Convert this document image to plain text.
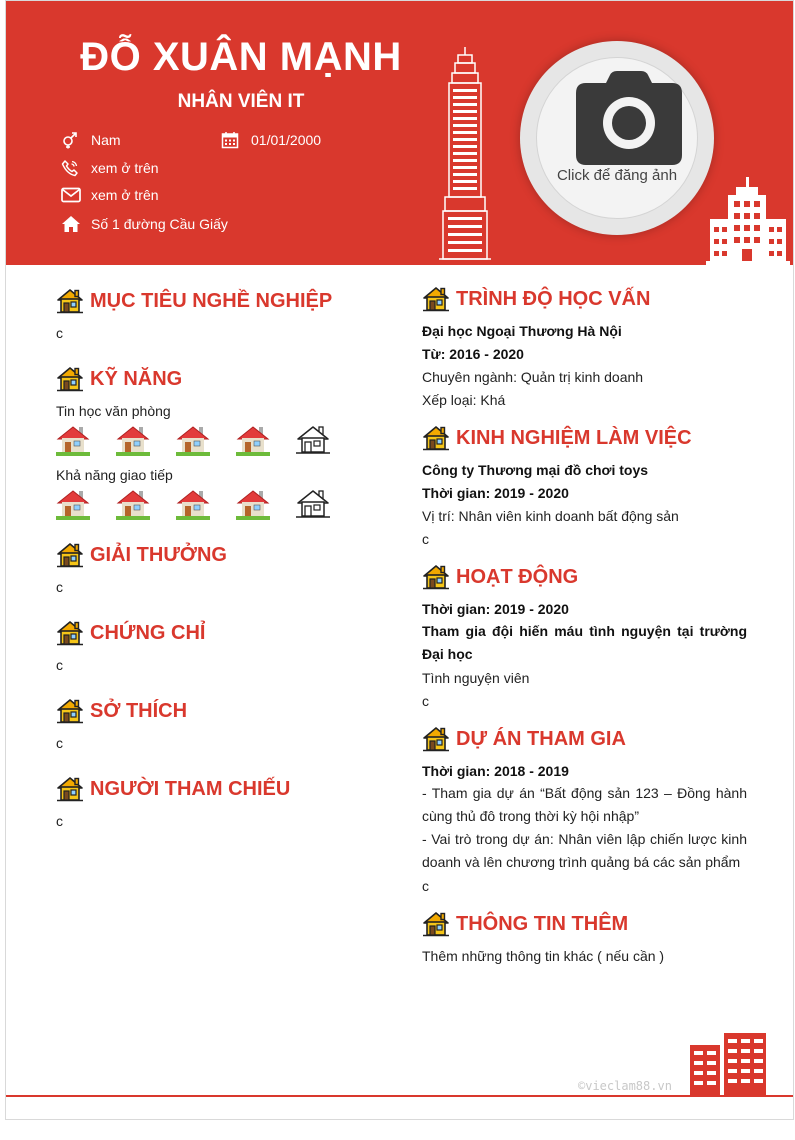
ĐỖ XUÂN MẠNH
NHÂN VIÊN IT
Nam	01/01/2000
xem ở trên
xem ở trên
Số 1 đường Cầu Giấy
Click để đăng ảnh
MỤC TIÊU NGHỀ NGHIỆP
c
KỸ NĂNG
Tin học văn phòng
Khả năng giao tiếp
GIẢI THƯỞNG
c
CHỨNG CHỈ
c
SỞ THÍCH
c
NGƯỜI THAM CHIẾU
c
TRÌNH ĐỘ HỌC VẤN
Đại học Ngoại Thương Hà Nội
Từ: 2016 - 2020
Chuyên ngành: Quản trị kinh doanh
Xếp loại: Khá
KINH NGHIỆM LÀM VIỆC
Công ty Thương mại đồ chơi toys
Thời gian: 2019 - 2020
Vị trí: Nhân viên kinh doanh bất động sản
c
HOẠT ĐỘNG
Thời gian: 2019 - 2020
Tham gia đội hiến máu tình nguyện tại trường Đại học
Tình nguyện viên
c
DỰ ÁN THAM GIA
Thời gian: 2018 - 2019
- Tham gia dự án “Bất động sản 123 – Đồng hành cùng thủ đô trong thời kỳ hội nhập”
- Vai trò trong dự án: Nhân viên lập chiến lược kinh doanh và lên chương trình quảng bá các sản phẩm
c
THÔNG TIN THÊM
Thêm những thông tin khác ( nếu cần )
©vieclam88.vn
